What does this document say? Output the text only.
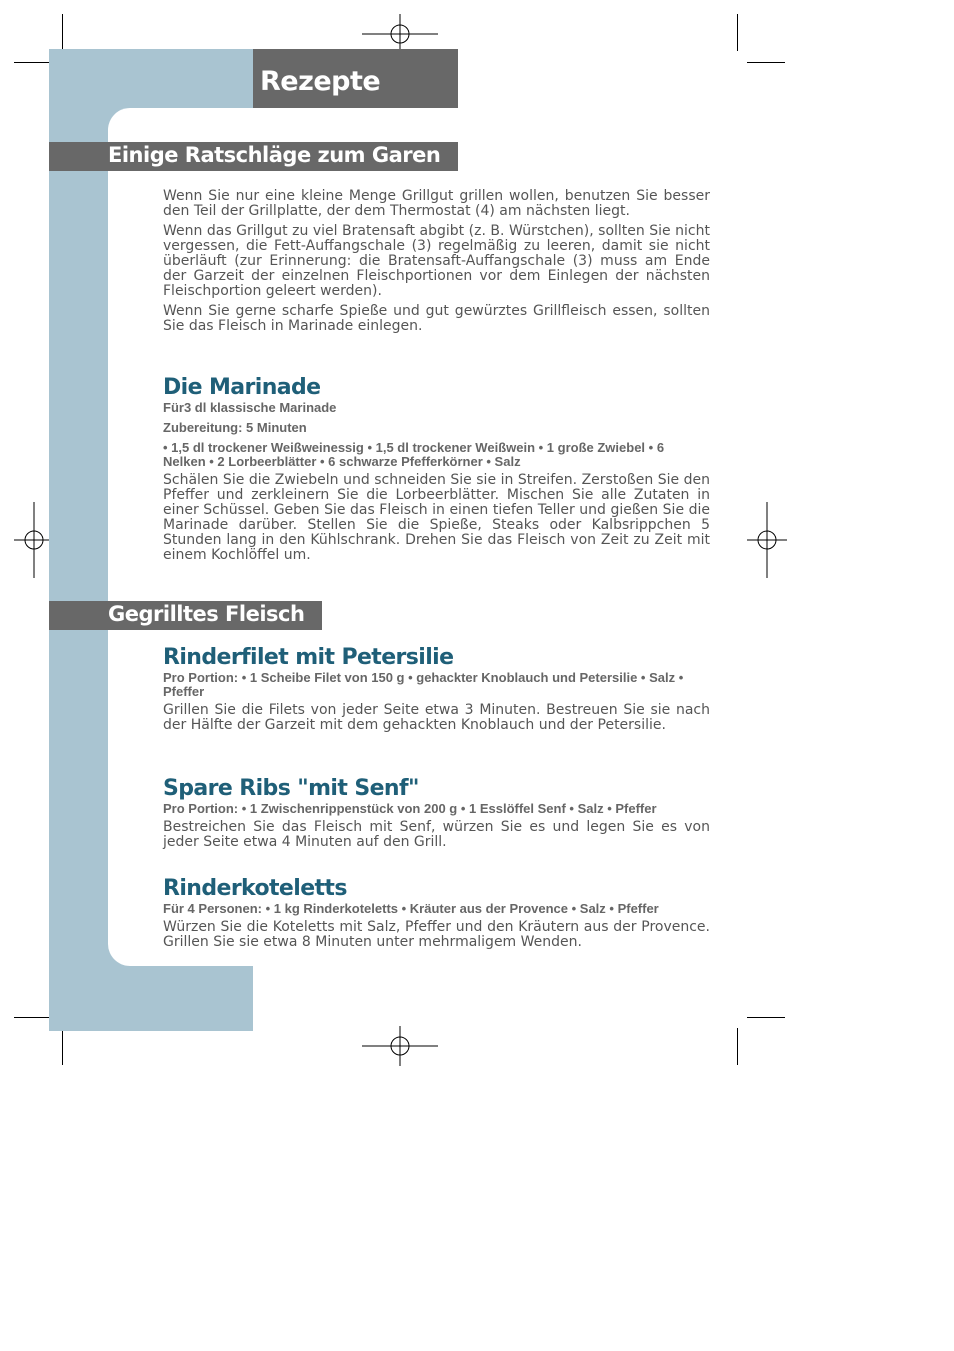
Rezepte
Einige Ratschläge zum Garen

Wenn Sie nur eine kleine Menge Grillgut grillen wollen, benutzen Sie besser den Teil der Grillplatte, der dem Thermostat (4) am nächsten liegt.

Wenn das Grillgut zu viel Bratensaft abgibt (z. B. Würstchen), sollten Sie nicht vergessen, die Fett-Auffangschale (3) regelmäßig zu leeren, damit sie nicht überläuft (zur Erinnerung: die Bratensaft-Auffangschale (3) muss am Ende der Garzeit der einzelnen Fleischportionen vor dem Einlegen der nächsten Fleischportion geleert werden).

Wenn Sie gerne scharfe Spieße und gut gewürztes Grillfleisch essen, sollten Sie das Fleisch in Marinade einlegen.

Die Marinade

Für3 dl klassische Marinade

Zubereitung: 5 Minuten

• 1,5 dl trockener Weißweinessig • 1,5 dl trockener Weißwein • 1 große Zwiebel • 6 Nelken • 2 Lorbeerblätter • 6 schwarze Pfefferkörner • Salz

Schälen Sie die Zwiebeln und schneiden Sie sie in Streifen. Zerstoßen Sie den Pfeffer und zerkleinern Sie die Lorbeerblätter. Mischen Sie alle Zutaten in einer Schüssel. Geben Sie das Fleisch in einen tiefen Teller und gießen Sie die Marinade darüber. Stellen Sie die Spieße, Steaks oder Kalbsrippchen 5 Stunden lang in den Kühlschrank. Drehen Sie das Fleisch von Zeit zu Zeit mit einem Kochlöffel um.

Gegrilltes Fleisch
Rinderfilet mit Petersilie

Pro Portion: • 1 Scheibe Filet von 150 g • gehackter Knoblauch und Petersilie • Salz • Pfeffer

Grillen Sie die Filets von jeder Seite etwa 3 Minuten. Bestreuen Sie sie nach der Hälfte der Garzeit mit dem gehackten Knoblauch und der Petersilie.

Spare Ribs "mit Senf"

Pro Portion: • 1 Zwischenrippenstück von 200 g • 1 Esslöffel Senf • Salz • Pfeffer

Bestreichen Sie das Fleisch mit Senf, würzen Sie es und legen Sie es von jeder Seite etwa 4 Minuten auf den Grill.

Rinderkoteletts

Für 4 Personen: • 1 kg Rinderkoteletts • Kräuter aus der Provence • Salz • Pfeffer

Würzen Sie die Koteletts mit Salz, Pfeffer und den Kräutern aus der Provence. Grillen Sie sie etwa 8 Minuten unter mehrmaligem Wenden.
